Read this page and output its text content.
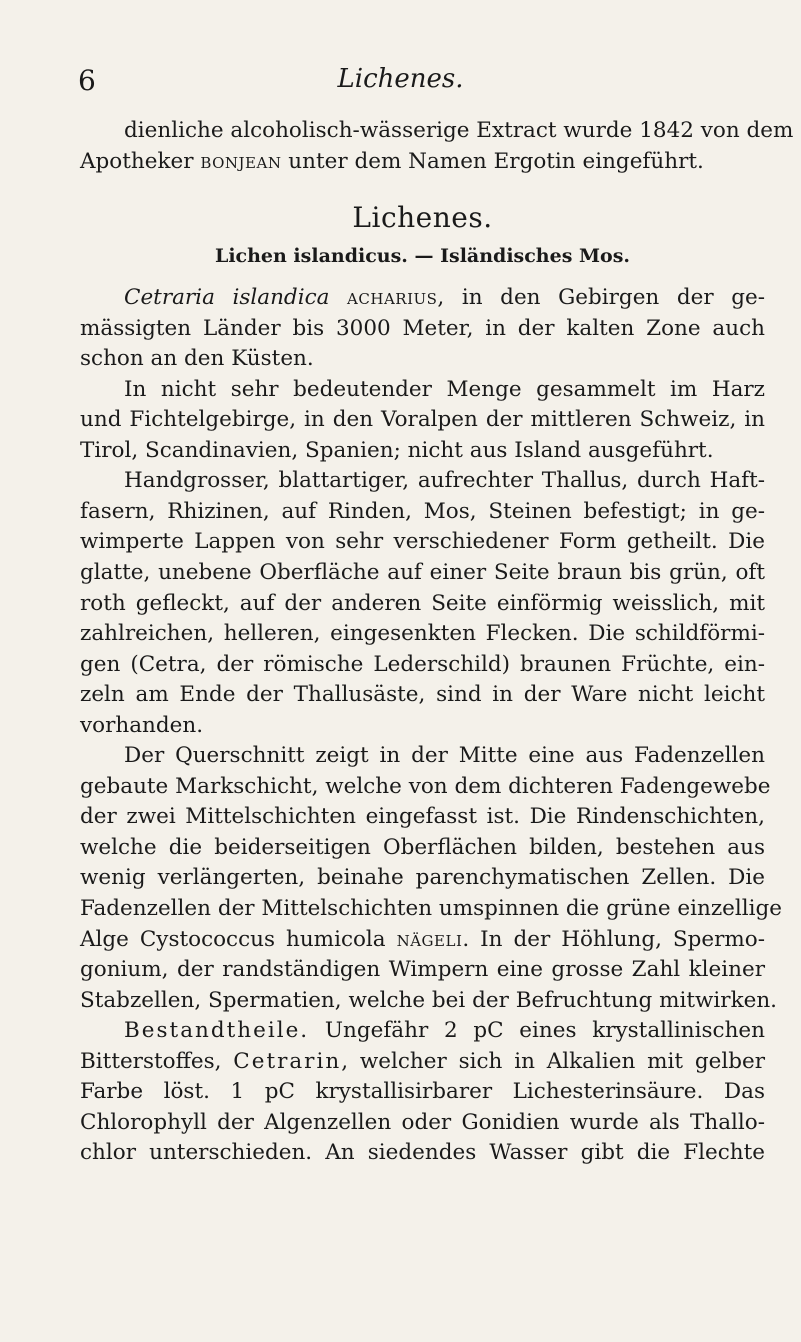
6	Lichenes.
dienliche alcoholisch-wässerige Extract wurde 1842 von dem
Apotheker bonjean unter dem Namen Ergotin eingeführt.
Lichenes.
Lichen islandicus. — Isländisches Mos.
Cetraria islandica acharius, in den Gebirgen der ge-
mässigten Länder bis 3000 Meter, in der kalten Zone auch
schon an den Küsten.
In nicht sehr bedeutender Menge gesammelt im Harz
und Fichtelgebirge, in den Voralpen der mittleren Schweiz, in
Tirol, Scandinavien, Spanien; nicht aus Island ausgeführt.
Handgrosser, blattartiger, aufrechter Thallus, durch Haft-
fasern, Rhizinen, auf Rinden, Mos, Steinen befestigt; in ge-
wimperte Lappen von sehr verschiedener Form getheilt. Die
glatte, unebene Oberfläche auf einer Seite braun bis grün, oft
roth gefleckt, auf der anderen Seite einförmig weisslich, mit
zahlreichen, helleren, eingesenkten Flecken. Die schildförmi-
gen (Cetra, der römische Lederschild) braunen Früchte, ein-
zeln am Ende der Thallusäste, sind in der Ware nicht leicht
vorhanden.
Der Querschnitt zeigt in der Mitte eine aus Fadenzellen
gebaute Markschicht, welche von dem dichteren Fadengewebe
der zwei Mittelschichten eingefasst ist. Die Rindenschichten,
welche die beiderseitigen Oberflächen bilden, bestehen aus
wenig verlängerten, beinahe parenchymatischen Zellen. Die
Fadenzellen der Mittelschichten umspinnen die grüne einzellige
Alge Cystococcus humicola nägeli. In der Höhlung, Spermo-
gonium, der randständigen Wimpern eine grosse Zahl kleiner
Stabzellen, Spermatien, welche bei der Befruchtung mitwirken.
Bestandtheile. Ungefähr 2 pC eines krystallinischen
Bitterstoffes, Cetrarin, welcher sich in Alkalien mit gelber
Farbe löst. 1 pC krystallisirbarer Lichesterinsäure. Das
Chlorophyll der Algenzellen oder Gonidien wurde als Thallo-
chlor unterschieden. An siedendes Wasser gibt die Flechte
